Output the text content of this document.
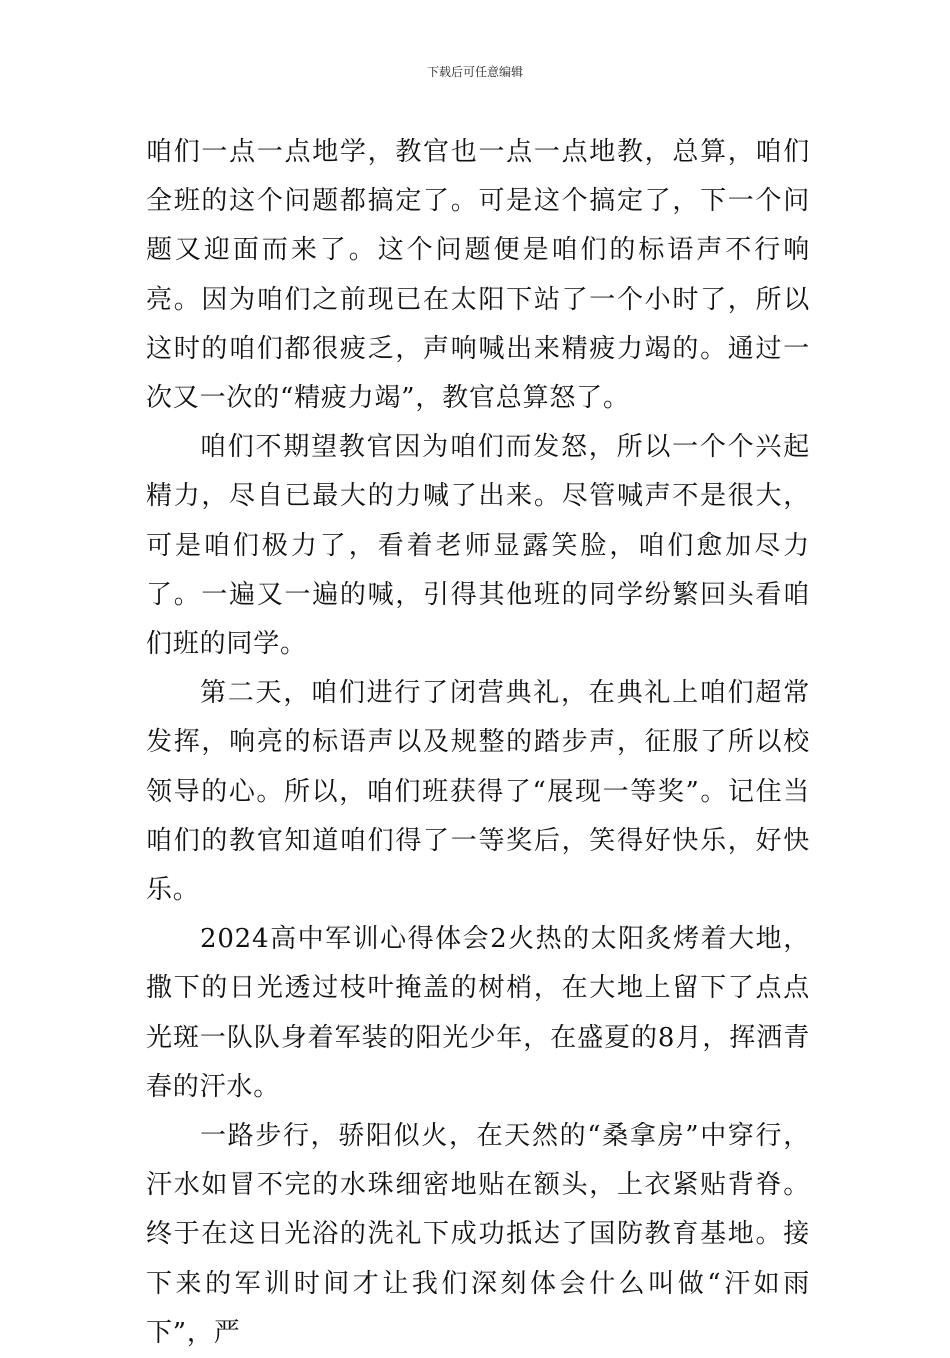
下载后可任意编辑

咱们一点一点地学，教官也一点一点地教，总算，咱们全班的这个问题都搞定了。可是这个搞定了，下一个问题又迎面而来了。这个问题便是咱们的标语声不行响亮。因为咱们之前现已在太阳下站了一个小时了，所以这时的咱们都很疲乏，声响喊出来精疲力竭的。通过一次又一次的“精疲力竭”，教官总算怒了。

咱们不期望教官因为咱们而发怒，所以一个个兴起精力，尽自已最大的力喊了出来。尽管喊声不是很大，可是咱们极力了，看着老师显露笑脸，咱们愈加尽力了。一遍又一遍的喊，引得其他班的同学纷繁回头看咱们班的同学。

第二天，咱们进行了闭营典礼，在典礼上咱们超常发挥，响亮的标语声以及规整的踏步声，征服了所以校领导的心。所以，咱们班获得了“展现一等奖”。记住当咱们的教官知道咱们得了一等奖后，笑得好快乐，好快乐。

2024高中军训心得体会2火热的太阳炙烤着大地，撒下的日光透过枝叶掩盖的树梢，在大地上留下了点点光斑一队队身着军装的阳光少年，在盛夏的8月，挥洒青春的汗水。

一路步行，骄阳似火，在天然的“桑拿房”中穿行，汗水如冒不完的水珠细密地贴在额头，上衣紧贴背脊。终于在这日光浴的洗礼下成功抵达了国防教育基地。接下来的军训时间才让我们深刻体会什么叫做“汗如雨下”，严
